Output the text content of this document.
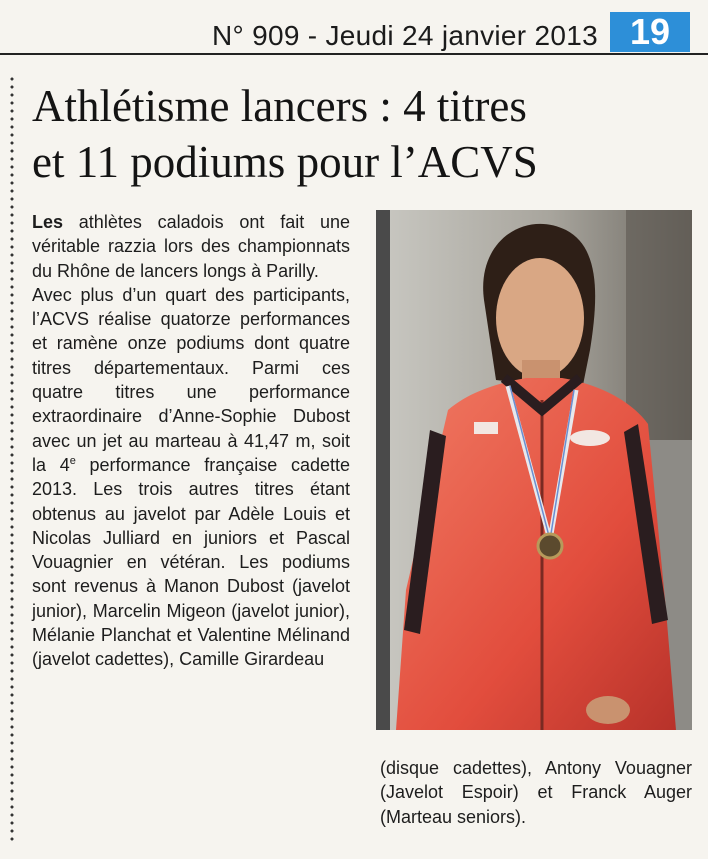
N° 909 - Jeudi 24 janvier 2013 19
Athlétisme lancers : 4 titres
et 11 podiums pour l’ACVS

Les athlètes caladois ont fait une véritable razzia lors des championnats du Rhône de lancers longs à Parilly.

Avec plus d’un quart des participants, l’ACVS réalise quatorze performances et ramène onze podiums dont quatre titres départementaux. Parmi ces quatre titres une performance extraordinaire d’Anne-Sophie Dubost avec un jet au marteau à 41,47 m, soit la 4e performance française cadette 2013. Les trois autres titres étant obtenus au javelot par Adèle Louis et Nicolas Julliard en juniors et Pascal Vouagnier en vétéran. Les podiums sont revenus à Manon Dubost (javelot junior), Marcelin Migeon (javelot junior), Mélanie Planchat et Valentine Mélinand (javelot cadettes), Camille Girardeau

(disque cadettes), Antony Vouagner (Javelot Espoir) et Franck Auger (Marteau seniors).
